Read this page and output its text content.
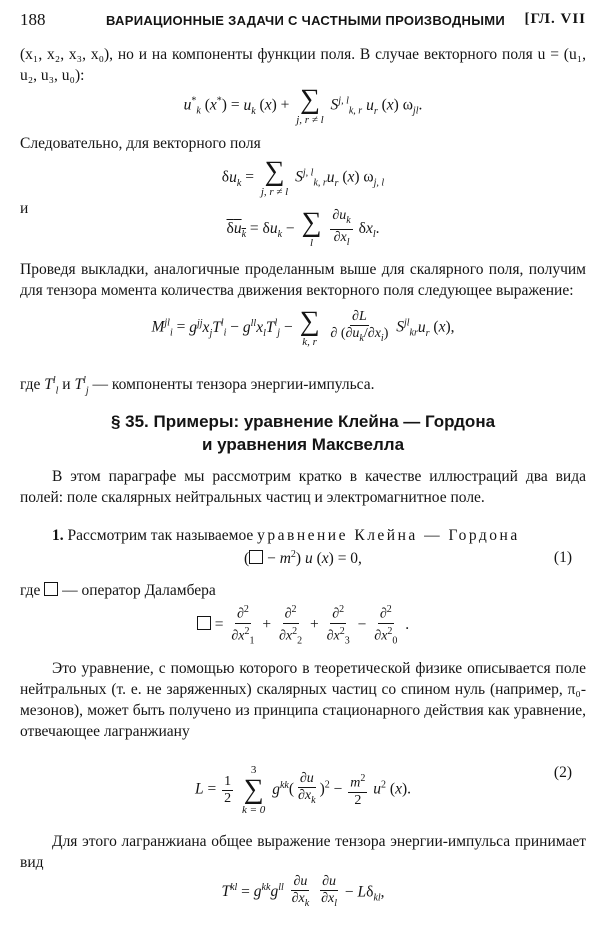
188	ВАРИАЦИОННЫЕ ЗАДАЧИ С ЧАСТНЫМИ ПРОИЗВОДНЫМИ [ГЛ. VII
(x₁, x₂, x₃, x₀), но и на компоненты функции поля. В случае векторного поля u = (u₁, u₂, u₃, u₀):
$u^*_k$ $(x^*) = u_k$ (x) + ∑
j, r ≠ l
S$^{j, l}_{k, r}$ $u_r$ (x) $\omega_{jl}$.
Следовательно, для векторного поля
$\delta u_k$ = ∑
j, r ≠ l
$S^{j, l}_{k, r}u_r$ (x) $\omega_{j, l}$
и
$\delta u_k = \delta u_k$ − ∑
l
$\frac{\partial u_k}{\partial x_l} \delta x_l$.
Проведя выкладки, аналогичные проделанным выше для скалярного поля, получим для тензора момента количества движения векторного поля следующее выражение:
$M^{jl}_i = g^{jj}x_jT^l_i - g^{ll}x_lT^l_j$ − ∑
k, r
$\frac{\partial L}{\partial (\partial u_k/\partial x_i)} S^{jl}_{kr}u_r$ (x),
где $T^l_l$ и $T^l_j$ — компоненты тензора энергии-импульса.
§ 35. Примеры: уравнение Клейна — Гордона
и уравнения Максвелла
В этом параграфе мы рассмотрим кратко в качестве иллюстраций два вида полей: поле скалярных нейтральных частиц и электромагнитное поле.
1. Рассмотрим так называемое уравнение Клейна — Гордона
( − $m^2$) u (x) = 0,	(1)
где  — оператор Даламбера
= $\frac{\partial^2}{\partial x^2_1} + \frac{\partial^2}{\partial x^2_2} + \frac{\partial^2}{\partial x^2_3} - \frac{\partial^2}{\partial x^2_0}$ .
Это уравнение, с помощью которого в теоретической физике описывается поле нейтральных (т. е. не заряженных) скалярных частиц со спином нуль (например, π₀-мезонов), может быть получено из принципа стационарного действия как уравнение, отвечающее лагранжиану
$L = \frac{1}{2}$

3
∑
k = 0
$g^{kk}( \frac{\partial u}{\partial x_k} )^2 - \frac{m^2}{2} u^2$ (x).
(2)
Для этого лагранжиана общее выражение тензора энергии-импульса принимает вид
$T^{kl} = g^{kk}g^{ll} \frac{\partial u}{\partial x_k}$
$\frac{\partial u}{\partial x_l} - L\delta_{kl}$,
